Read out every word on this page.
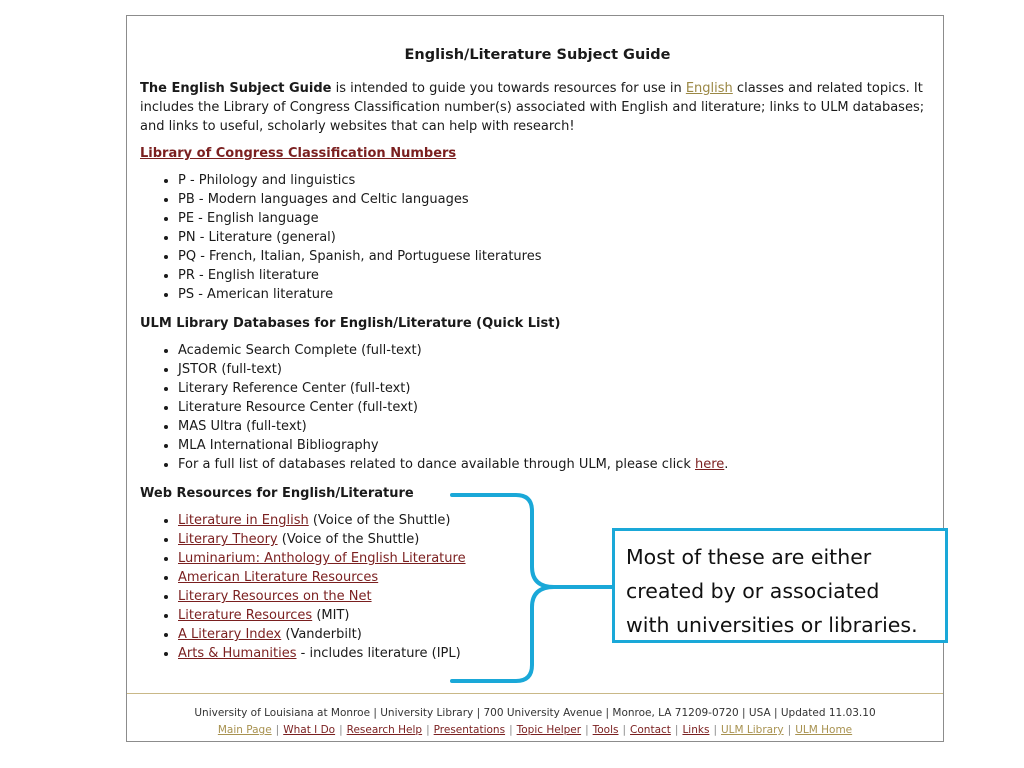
English/Literature Subject Guide

The English Subject Guide is intended to guide you towards resources for use in English classes and related topics. It includes the Library of Congress Classification number(s) associated with English and literature; links to ULM databases; and links to useful, scholarly websites that can help with research!

Library of Congress Classification Numbers
• P - Philology and linguistics
• PB - Modern languages and Celtic languages
• PE - English language
• PN - Literature (general)
• PQ - French, Italian, Spanish, and Portuguese literatures
• PR - English literature
• PS - American literature
ULM Library Databases for English/Literature (Quick List)
• Academic Search Complete (full-text)
• JSTOR (full-text)
• Literary Reference Center (full-text)
• Literature Resource Center (full-text)
• MAS Ultra (full-text)
• MLA International Bibliography
• For a full list of databases related to dance available through ULM, please click here.
Web Resources for English/Literature
• Literature in English (Voice of the Shuttle)
• Literary Theory (Voice of the Shuttle)
• Luminarium: Anthology of English Literature
• American Literature Resources
• Literary Resources on the Net
• Literature Resources (MIT)
• A Literary Index (Vanderbilt)
• Arts & Humanities - includes literature (IPL)
University of Louisiana at Monroe | University Library | 700 University Avenue | Monroe, LA 71209-0720 | USA | Updated 11.03.10
Main Page | What I Do | Research Help | Presentations | Topic Helper | Tools | Contact | Links | ULM Library | ULM Home
Most of these are either
created by or associated
with universities or libraries.
